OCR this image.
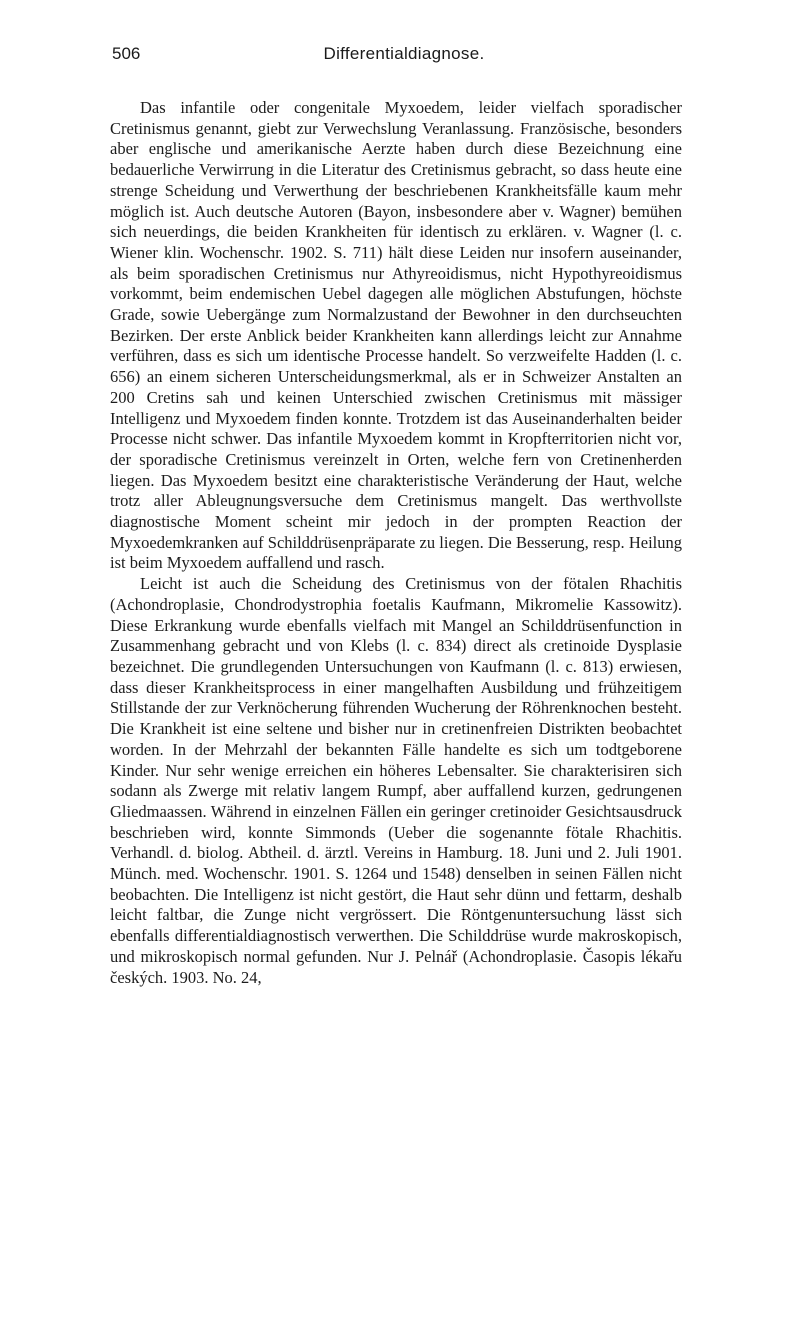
506	Differentialdiagnose.

Das infantile oder congenitale Myxoedem, leider vielfach sporadischer Cretinismus genannt, giebt zur Verwechslung Veranlassung. Französische, besonders aber englische und amerikanische Aerzte haben durch diese Bezeichnung eine bedauerliche Verwirrung in die Literatur des Cretinismus gebracht, so dass heute eine strenge Scheidung und Verwerthung der beschriebenen Krankheitsfälle kaum mehr möglich ist. Auch deutsche Autoren (Bayon, insbesondere aber v. Wagner) bemühen sich neuerdings, die beiden Krankheiten für identisch zu erklären. v. Wagner (l. c. Wiener klin. Wochenschr. 1902. S. 711) hält diese Leiden nur insofern auseinander, als beim sporadischen Cretinismus nur Athyreoidismus, nicht Hypothyreoidismus vorkommt, beim endemischen Uebel dagegen alle möglichen Abstufungen, höchste Grade, sowie Uebergänge zum Normalzustand der Bewohner in den durchseuchten Bezirken. Der erste Anblick beider Krankheiten kann allerdings leicht zur Annahme verführen, dass es sich um identische Processe handelt. So verzweifelte Hadden (l. c. 656) an einem sicheren Unterscheidungsmerkmal, als er in Schweizer Anstalten an 200 Cretins sah und keinen Unterschied zwischen Cretinismus mit mässiger Intelligenz und Myxoedem finden konnte. Trotzdem ist das Auseinanderhalten beider Processe nicht schwer. Das infantile Myxoedem kommt in Kropfterritorien nicht vor, der sporadische Cretinismus vereinzelt in Orten, welche fern von Cretinenherden liegen. Das Myxoedem besitzt eine charakteristische Veränderung der Haut, welche trotz aller Ableugnungsversuche dem Cretinismus mangelt. Das werthvollste diagnostische Moment scheint mir jedoch in der prompten Reaction der Myxoedemkranken auf Schilddrüsenpräparate zu liegen. Die Besserung, resp. Heilung ist beim Myxoedem auffallend und rasch.

Leicht ist auch die Scheidung des Cretinismus von der fötalen Rhachitis (Achondroplasie, Chondrodystrophia foetalis Kaufmann, Mikromelie Kassowitz). Diese Erkrankung wurde ebenfalls vielfach mit Mangel an Schilddrüsenfunction in Zusammenhang gebracht und von Klebs (l. c. 834) direct als cretinoide Dysplasie bezeichnet. Die grundlegenden Untersuchungen von Kaufmann (l. c. 813) erwiesen, dass dieser Krankheitsprocess in einer mangelhaften Ausbildung und frühzeitigem Stillstande der zur Verknöcherung führenden Wucherung der Röhrenknochen besteht. Die Krankheit ist eine seltene und bisher nur in cretinenfreien Distrikten beobachtet worden. In der Mehrzahl der bekannten Fälle handelte es sich um todtgeborene Kinder. Nur sehr wenige erreichen ein höheres Lebensalter. Sie charakterisiren sich sodann als Zwerge mit relativ langem Rumpf, aber auffallend kurzen, gedrungenen Gliedmaassen. Während in einzelnen Fällen ein geringer cretinoider Gesichtsausdruck beschrieben wird, konnte Simmonds (Ueber die sogenannte fötale Rhachitis. Verhandl. d. biolog. Abtheil. d. ärztl. Vereins in Hamburg. 18. Juni und 2. Juli 1901. Münch. med. Wochenschr. 1901. S. 1264 und 1548) denselben in seinen Fällen nicht beobachten. Die Intelligenz ist nicht gestört, die Haut sehr dünn und fettarm, deshalb leicht faltbar, die Zunge nicht vergrössert. Die Röntgenuntersuchung lässt sich ebenfalls differentialdiagnostisch verwerthen. Die Schilddrüse wurde makroskopisch, und mikroskopisch normal gefunden. Nur J. Pelnář (Achondroplasie. Časopis lékařu českých. 1903. No. 24,
